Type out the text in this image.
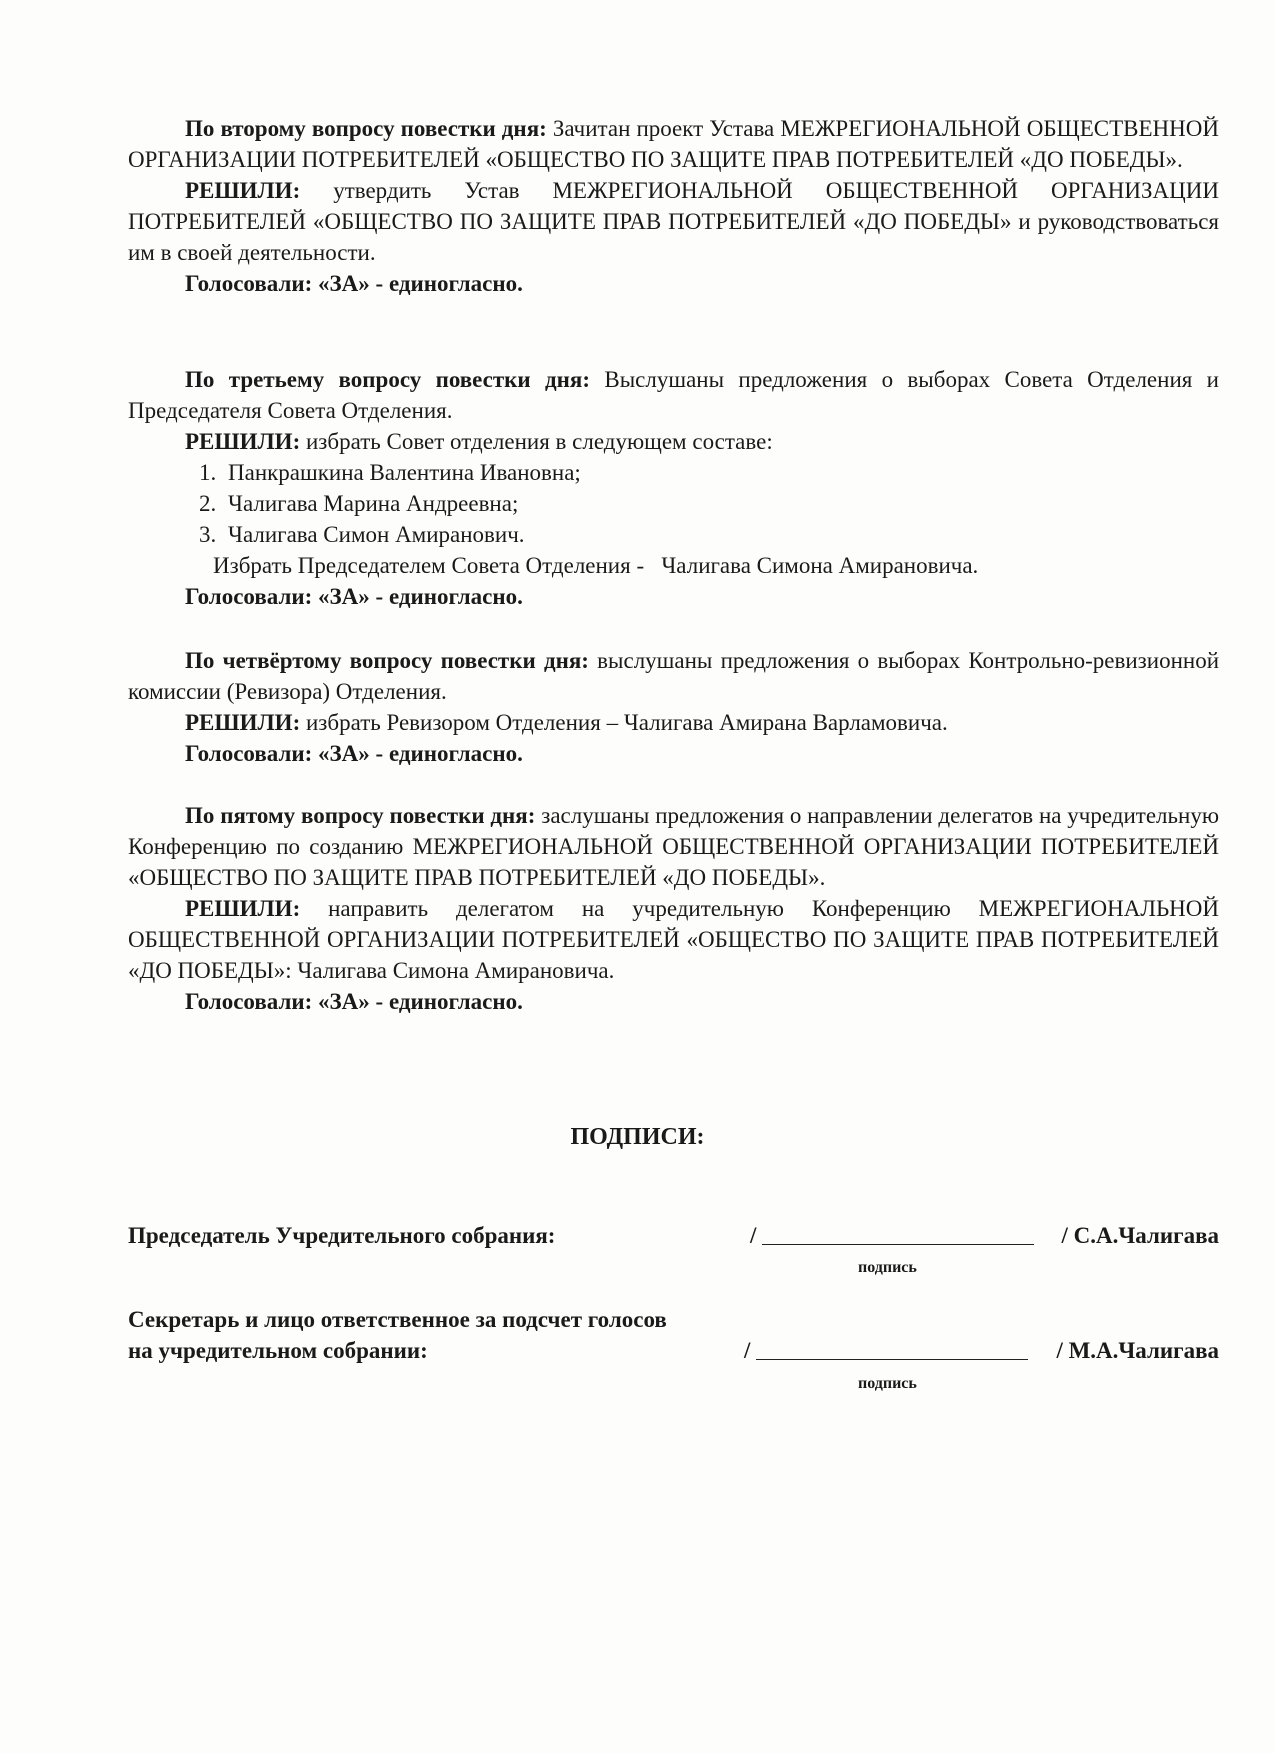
По второму вопросу повестки дня: Зачитан проект Устава МЕЖРЕГИОНАЛЬНОЙ ОБЩЕСТВЕННОЙ ОРГАНИЗАЦИИ ПОТРЕБИТЕЛЕЙ «ОБЩЕСТВО ПО ЗАЩИТЕ ПРАВ ПОТРЕБИТЕЛЕЙ «ДО ПОБЕДЫ».

РЕШИЛИ: утвердить Устав МЕЖРЕГИОНАЛЬНОЙ ОБЩЕСТВЕННОЙ ОРГАНИЗАЦИИ ПОТРЕБИТЕЛЕЙ «ОБЩЕСТВО ПО ЗАЩИТЕ ПРАВ ПОТРЕБИТЕЛЕЙ «ДО ПОБЕДЫ» и руководствоваться им в своей деятельности.

Голосовали: «ЗА» - единогласно.

По третьему вопросу повестки дня: Выслушаны предложения о выборах Совета Отделения и Председателя Совета Отделения.

РЕШИЛИ: избрать Совет отделения в следующем составе:

1. Панкрашкина Валентина Ивановна;
2. Чалигава Марина Андреевна;
3. Чалигава Симон Амиранович.
Избрать Председателем Совета Отделения -   Чалигава Симона Амирановича.
Голосовали: «ЗА» - единогласно.

По четвёртому вопросу повестки дня: выслушаны предложения о выборах Контрольно-ревизионной комиссии (Ревизора) Отделения.

РЕШИЛИ: избрать Ревизором Отделения – Чалигава Амирана Варламовича.

Голосовали: «ЗА» - единогласно.

По пятому вопросу повестки дня: заслушаны предложения о направлении делегатов на учредительную Конференцию по созданию МЕЖРЕГИОНАЛЬНОЙ ОБЩЕСТВЕННОЙ ОРГАНИЗАЦИИ ПОТРЕБИТЕЛЕЙ «ОБЩЕСТВО ПО ЗАЩИТЕ ПРАВ ПОТРЕБИТЕЛЕЙ «ДО ПОБЕДЫ».

РЕШИЛИ: направить делегатом на учредительную Конференцию МЕЖРЕГИОНАЛЬНОЙ ОБЩЕСТВЕННОЙ ОРГАНИЗАЦИИ ПОТРЕБИТЕЛЕЙ «ОБЩЕСТВО ПО ЗАЩИТЕ ПРАВ ПОТРЕБИТЕЛЕЙ «ДО ПОБЕДЫ»: Чалигава Симона Амирановича.

Голосовали: «ЗА» - единогласно.
ПОДПИСИ:
Председатель Учредительного собрания:	/	/ С.А.Чалигава
подпись
Секретарь и лицо ответственное за подсчет голосов
на учредительном собрании:	/	/ М.А.Чалигава
подпись
